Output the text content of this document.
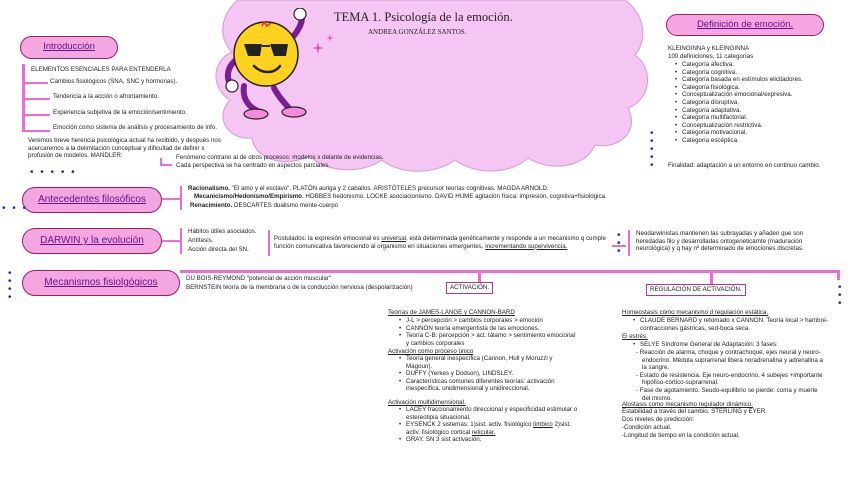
TEMA 1. Psicología de la emoción.
ANDREA GONZÁLEZ SANTOS.
Introducción
ELEMENTOS ESENCIALES PARA ENTENDERLA
Cambios fisiológicos (SNA, SNC y hormonas).
Tendencia a la acción o afrontamiento.
Experiencia subjetiva de la emoción/sentimiento.
Emoción como sistema de análisis y procesamiento de info.
Veremos breve herencia psicológica actual ha recibido, y después nos acercaremos a la delimitación conceptual y dificultad de definir x profusión de modelos. MANDLER:	Fenómeno contrario al de otros procesos: modelos x delante de evidencias.
Cada perspectiva se ha centrado en aspectos parciales.
• • • • •
Definición de emoción.
KLEINGINNA y KLEINGINNA
100 definiciones, 11 categorías
• Categoría afectiva.
• Categoría cognitiva.
• Categoría basada en estímulos elicitadores.
• Categoría fisiológica.
• Conceptualización emocional/expresiva.
• Categoría disruptiva.
• Categoría adaptativa.
• Categoría multifactorial.
• Conceptualización restrictiva.
• Categoría motivacional.
• Categoría escéptica.
Finalidad: adaptación a un entorno en continuo cambio.
•
•
•
•
•
Antecedentes filosóficos
Racionalismo. "El amo y el esclavo". PLATÓN auriga y 2 caballos. ARISTÓTELES precursor teorías cognitivas. MAGDA ARNOLD.
Mecanicismo/Hedonismo/Empirismo. HOBBES hedonismo. LOCKE asociacionismo. DAVID HUME agitación física: impresión, cognitiva+fisiológica.
Renacimiento. DESCARTES dualismo mente-cuerpo
• • •
DARWIN y la evolución
Hábitos útiles asociados.
Antítesis.
Acción directa del SN.
Postulados: la expresión emocional es universal, está determinada genéticamente y responde a un mecanismo q cumple función comunicativa favoreciendo al organismo en situaciones emergentes, incrementando supervivencia.
Neodarwinistas mantienen las subrayadas y añaden que son heredadas filo y desarrolladas ontogeneticamte (maduración neurológica) y q hay nº determinado de emociones discretas.
•
•
•
Mecanismos fisiolgógicos	DU BOIS-REYMOND "potencial de acción muscular"
BERNSTEIN teoría de la membrana o de la conducción nerviosa (despolarización)
•
•
•
•
•
•
•
ACTIVACIÓN.
Teorías de JAMES-LANGE y CANNON-BARD
• J-L > percepción > cambios corporales > emoción
• CANNON teoría emergentista de las emociones.
• Teoría C-B: percepción > act. tálamo > sentimiento emocional y cambios corporales
Activación como proceso único
• Teoría general inespecífica (Cannon, Hull y Moruzzi y Magoun).
• DUFFY (Yerkes y Dodson), LINDSLEY.
• Características comunes diferentes teorías: activación inespecífica, unidimensional y unidireccional.
Activación multidimensional.
• LACEY fraccionamiento direccional y especificidad estimular o estereotipia situacional.
• EYSENCK 2 sistemas: 1)sist. activ. fisiológico límbico 2)sist. activ. fisiológico cortical reticular.
• GRAY. SN 3 sist activación.
REGULACIÓN DE ACTIVACIÓN.
Homeostasis como mecanismo d regulación estática.
• CLAUDE BERNARD y retomado x CANNON. Teoría local > hambre-contracciones gástricas, sed-boca seca.
El estrés.
• SELYE Síndrome General de Adaptación: 3 fases:
- Reacción de alarma, choque y contrachoque, ejes neural y neuro-endocrino. Médula suprarrenal libera noradrenalina y adrenalina a la sangre.
- Estado de resistencia. Eje neuro-endocrino, 4 subejes +importante hipófiso-córtico-suprarrenal.
- Fase de agotamiento. Seudo-equilibrio se pierde: coma y muerte del mismo.
Alostasis como mecanismo regulador dinámico.
Estabilidad a través del cambio. STERLING y EYER.
Dos niveles de predicción:
-Condición actual.
-Longitud de tiempo en la condición actual.
